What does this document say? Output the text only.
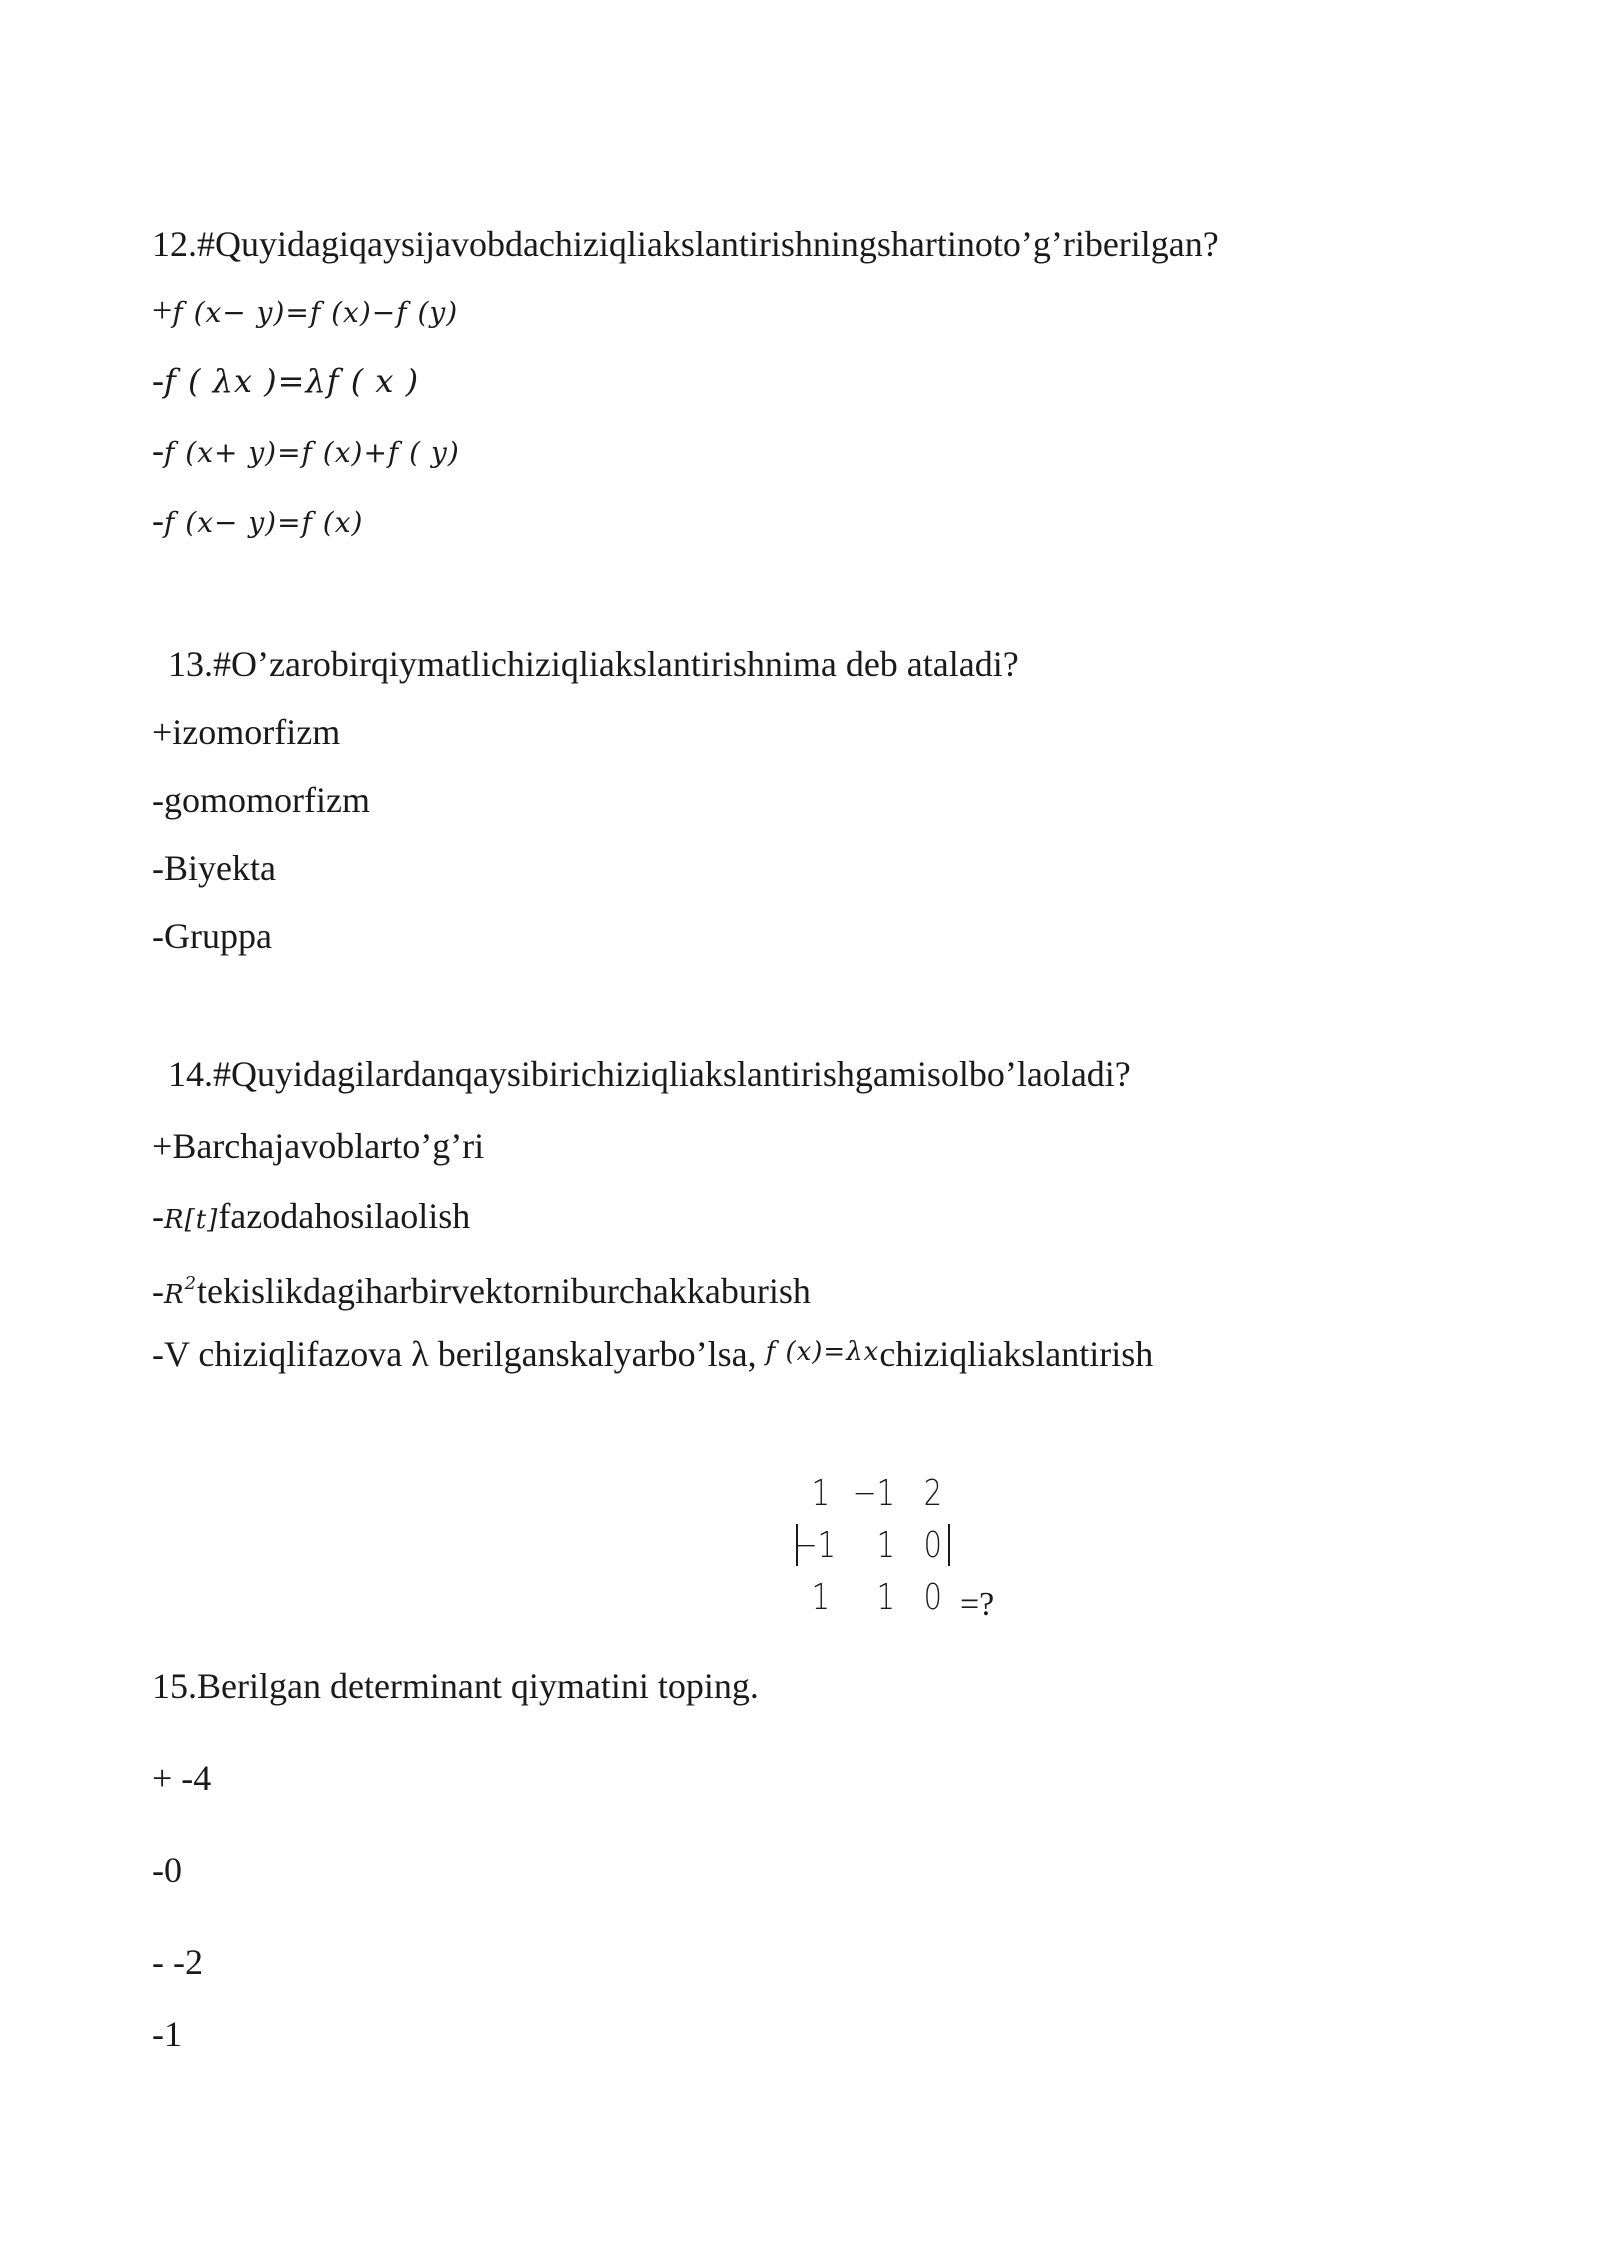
12.#Quyidagiqaysijavobdachiziqliakslantirishningshartinoto’g’riberilgan?
+f (x− y)=f (x)−f (y)
-f ( λx )=λf ( x )
-f (x+ y)=f (x)+f ( y)
-f (x− y)=f (x)
13.#O’zarobirqiymatlichiziqliakslantirishnima deb ataladi?
+izomorfizm
-gomomorfizm
-Biyekta
-Gruppa
14.#Quyidagilardanqaysibirichiziqliakslantirishgamisolbo’laoladi?
+Barchajavoblarto’g’ri
-R[t]fazodahosilaolish
$-R^2tekislikdagiharbirvektorniburchakkaburish$
-V chiziqlifazova λ berilganskalyarbo’lsa, f (x)=λxchiziqliakslantirish
1 −1 2
−1	1 0
1	1 0 =?
15.Berilgan determinant qiymatini toping.
+ -4
-0
- -2
-1
